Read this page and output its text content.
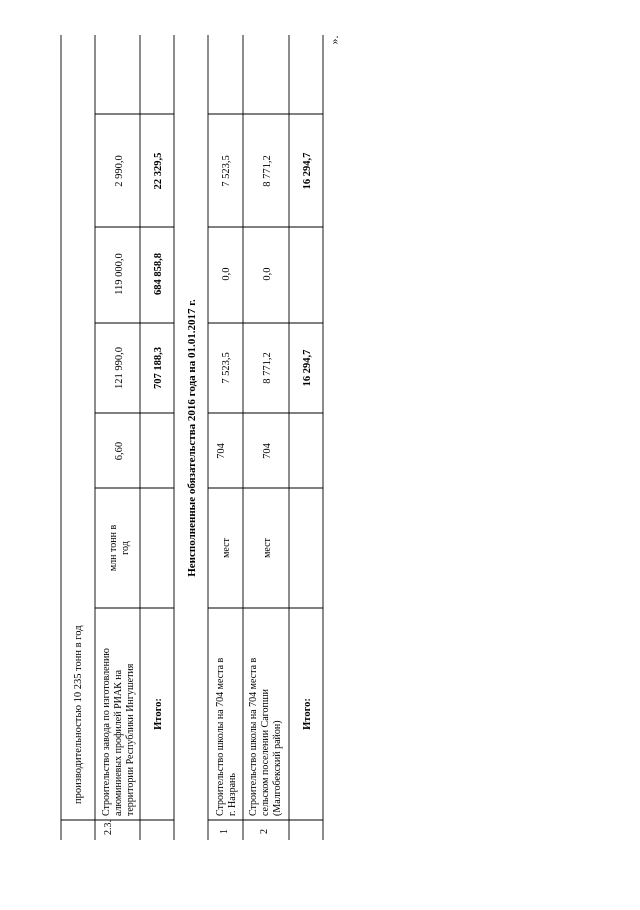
производительностью 10 235 тонн в год
2.3.
Строительство завода по изготовлению алюминиевых профилей РИАК на территории Республики Ингушетия
млн тонн в год
6,60
121 990,0
119 000,0
2 990,0
Итого:
707 188,3
684 858,8
22 329,5
Неисполненные обязательства 2016 года на 01.01.2017 г.
1
Строительство школы на 704 места в г. Назрань
мест
704
7 523,5
0,0
7 523,5
2
Строительство школы на 704 места в сельском поселении Сагопши (Малгобекский район)
мест
704
8 771,2
0,0
8 771,2
Итого:
16 294,7
16 294,7
».
